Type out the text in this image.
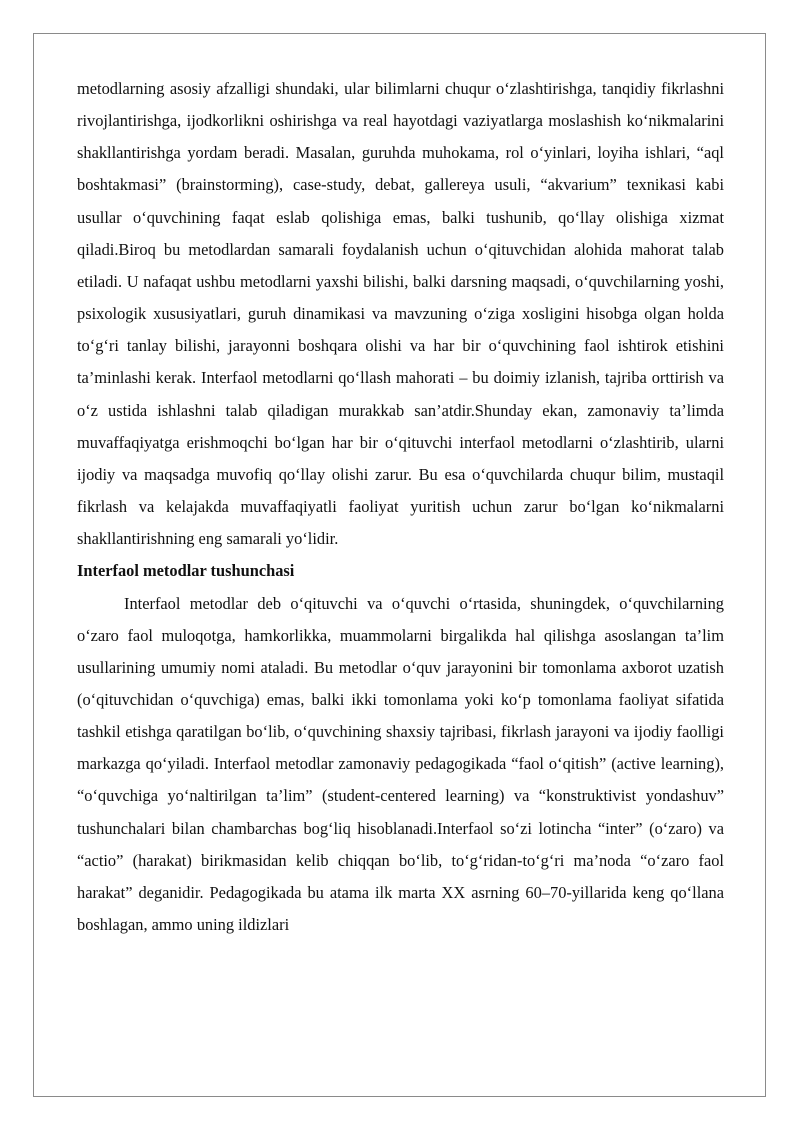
metodlarning asosiy afzalligi shundaki, ular bilimlarni chuqur o‘zlashtirishga, tanqidiy fikrlashni rivojlantirishga, ijodkorlikni oshirishga va real hayotdagi vaziyatlarga moslashish ko‘nikmalarini shakllantirishga yordam beradi. Masalan, guruhda muhokama, rol o‘yinlari, loyiha ishlari, “aql boshtakmasi” (brainstorming), case-study, debat, gallereya usuli, “akvarium” texnikasi kabi usullar o‘quvchining faqat eslab qolishiga emas, balki tushunib, qo‘llay olishiga xizmat qiladi.Biroq bu metodlardan samarali foydalanish uchun o‘qituvchidan alohida mahorat talab etiladi. U nafaqat ushbu metodlarni yaxshi bilishi, balki darsning maqsadi, o‘quvchilarning yoshi, psixologik xususiyatlari, guruh dinamikasi va mavzuning o‘ziga xosligini hisobga olgan holda to‘g‘ri tanlay bilishi, jarayonni boshqara olishi va har bir o‘quvchining faol ishtirok etishini ta’minlashi kerak. Interfaol metodlarni qo‘llash mahorati – bu doimiy izlanish, tajriba orttirish va o‘z ustida ishlashni talab qiladigan murakkab san’atdir.Shunday ekan, zamonaviy ta’limda muvaffaqiyatga erishmoqchi bo‘lgan har bir o‘qituvchi interfaol metodlarni o‘zlashtirib, ularni ijodiy va maqsadga muvofiq qo‘llay olishi zarur. Bu esa o‘quvchilarda chuqur bilim, mustaqil fikrlash va kelajakda muvaffaqiyatli faoliyat yuritish uchun zarur bo‘lgan ko‘nikmalarni shakllantirishning eng samarali yo‘lidir.

Interfaol metodlar tushunchasi

Interfaol metodlar deb o‘qituvchi va o‘quvchi o‘rtasida, shuningdek, o‘quvchilarning o‘zaro faol muloqotga, hamkorlikka, muammolarni birgalikda hal qilishga asoslangan ta’lim usullarining umumiy nomi ataladi. Bu metodlar o‘quv jarayonini bir tomonlama axborot uzatish (o‘qituvchidan o‘quvchiga) emas, balki ikki tomonlama yoki ko‘p tomonlama faoliyat sifatida tashkil etishga qaratilgan bo‘lib, o‘quvchining shaxsiy tajribasi, fikrlash jarayoni va ijodiy faolligi markazga qo‘yiladi. Interfaol metodlar zamonaviy pedagogikada “faol o‘qitish” (active learning), “o‘quvchiga yo‘naltirilgan ta’lim” (student-centered learning) va “konstruktivist yondashuv” tushunchalari bilan chambarchas bog‘liq hisoblanadi.Interfaol so‘zi lotincha “inter” (o‘zaro) va “actio” (harakat) birikmasidan kelib chiqqan bo‘lib, to‘g‘ridan-to‘g‘ri ma’noda “o‘zaro faol harakat” deganidir. Pedagogikada bu atama ilk marta XX asrning 60–70-yillarida keng qo‘llana boshlagan, ammo uning ildizlari
